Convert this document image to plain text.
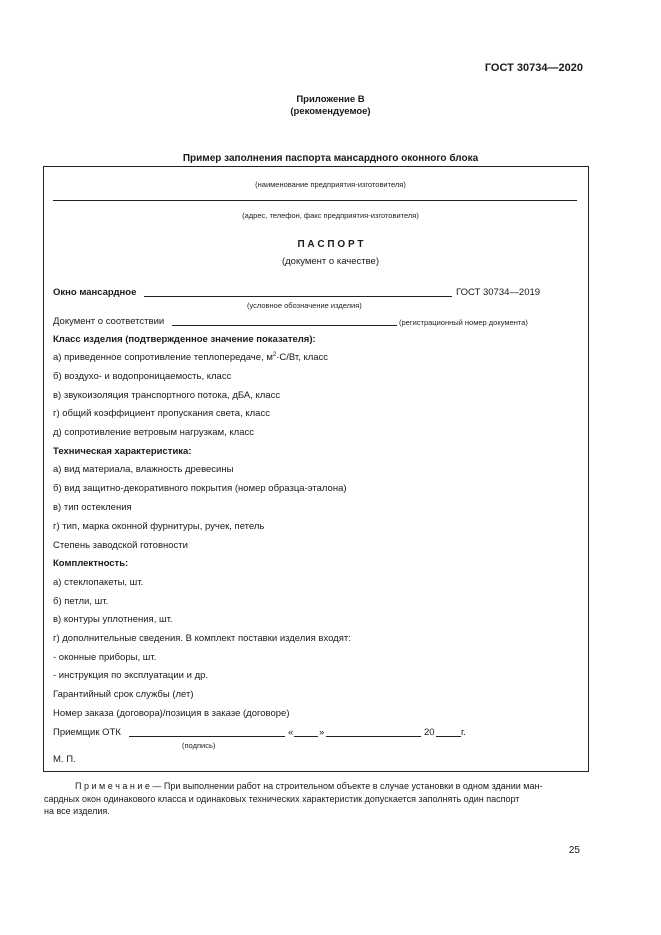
ГОСТ 30734—2020
Приложение В
(рекомендуемое)
Пример заполнения паспорта мансардного оконного блока
(наименование предприятия-изготовителя)
(адрес, телефон, факс предприятия-изготовителя)
П А С П О Р Т
(документ о качестве)
Окно мансардное	ГОСТ 30734—2019
(условное обозначение изделия)
Документ о соответствии	(регистрационный номер документа)
Класс изделия (подтвержденное значение показателя):
а) приведенное сопротивление теплопередаче, $м^2\cdot С/Вт$, класс
б) воздухо- и водопроницаемость, класс
в) звукоизоляция транспортного потока, дБА, класс
г) общий коэффициент пропускания света, класс
д) сопротивление ветровым нагрузкам, класс
Техническая характеристика:
а) вид материала, влажность древесины
б) вид защитно-декоративного покрытия (номер образца-эталона)
в) тип остекления
г) тип, марка оконной фурнитуры, ручек, петель
Степень заводской готовности
Комплектность:
а) стеклопакеты, шт.
б) петли, шт.
в) контуры уплотнения, шт.
г) дополнительные сведения. В комплект поставки изделия входят:
- оконные приборы, шт.
- инструкция по эксплуатации и др.
Гарантийный срок службы (лет)
Номер заказа (договора)/позиция в заказе (договоре)
Приемщик ОТК	«	»	20	г.
(подпись)
М. П.
П р и м е ч а н и е — При выполнении работ на строительном объекте в случае установки в одном здании ман-
сардных окон одинакового класса и одинаковых технических характеристик допускается заполнять один паспорт
на все изделия.
25
